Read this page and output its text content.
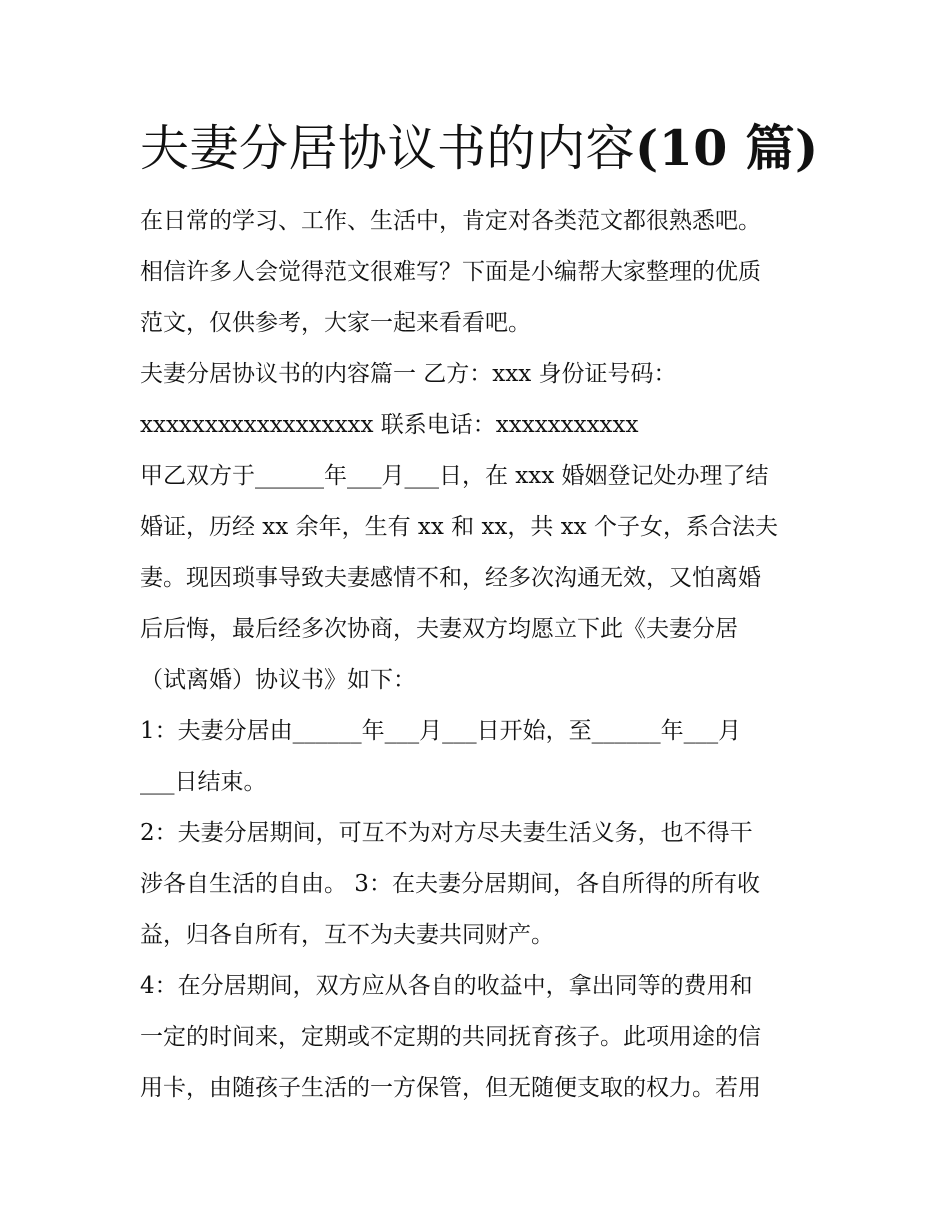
夫妻分居协议书的内容(10 篇)
在日常的学习、工作、生活中，肯定对各类范文都很熟悉吧。
相信许多人会觉得范文很难写？下面是小编帮大家整理的优质
范文，仅供参考，大家一起来看看吧。
夫妻分居协议书的内容篇一 乙方：xxx 身份证号码：
xxxxxxxxxxxxxxxxxx 联系电话：xxxxxxxxxxx
甲乙双方于______年___月___日，在 xxx 婚姻登记处办理了结
婚证，历经 xx 余年，生有 xx 和 xx，共 xx 个子女，系合法夫
妻。现因琐事导致夫妻感情不和，经多次沟通无效，又怕离婚
后后悔，最后经多次协商，夫妻双方均愿立下此《夫妻分居
（试离婚）协议书》如下：
1：夫妻分居由______年___月___日开始，至______年___月
___日结束。
2：夫妻分居期间，可互不为对方尽夫妻生活义务，也不得干
涉各自生活的自由。 3：在夫妻分居期间，各自所得的所有收
益，归各自所有，互不为夫妻共同财产。
4：在分居期间，双方应从各自的收益中，拿出同等的费用和
一定的时间来，定期或不定期的共同抚育孩子。此项用途的信
用卡，由随孩子生活的一方保管，但无随便支取的权力。若用
